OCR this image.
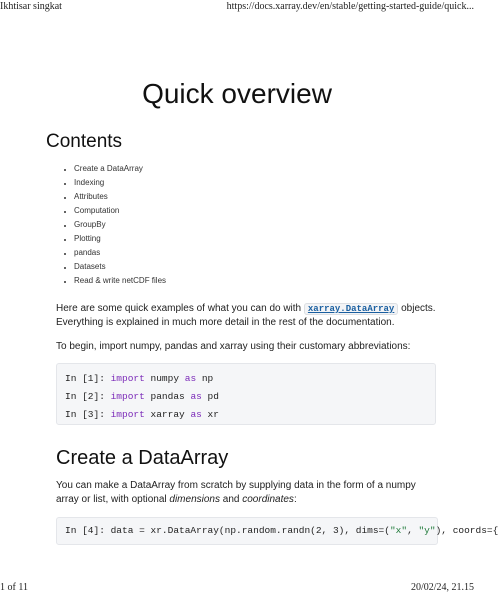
Ikhtisar singkat	https://docs.xarray.dev/en/stable/getting-started-guide/quick...
Quick overview
Contents
• Create a DataArray
• Indexing
• Attributes
• Computation
• GroupBy
• Plotting
• pandas
• Datasets
• Read & write netCDF files

Here are some quick examples of what you can do with xarray.DataArray objects. Everything is explained in much more detail in the rest of the documentation.

To begin, import numpy, pandas and xarray using their customary abbreviations:

In [1]: import numpy as np
In [2]: import pandas as pd
In [3]: import xarray as xr
Create a DataArray

You can make a DataArray from scratch by supplying data in the form of a numpy array or list, with optional dimensions and coordinates:

In [4]: data = xr.DataArray(np.random.randn(2, 3), dims=("x", "y"), coords={
1 of 11	20/02/24, 21.15
